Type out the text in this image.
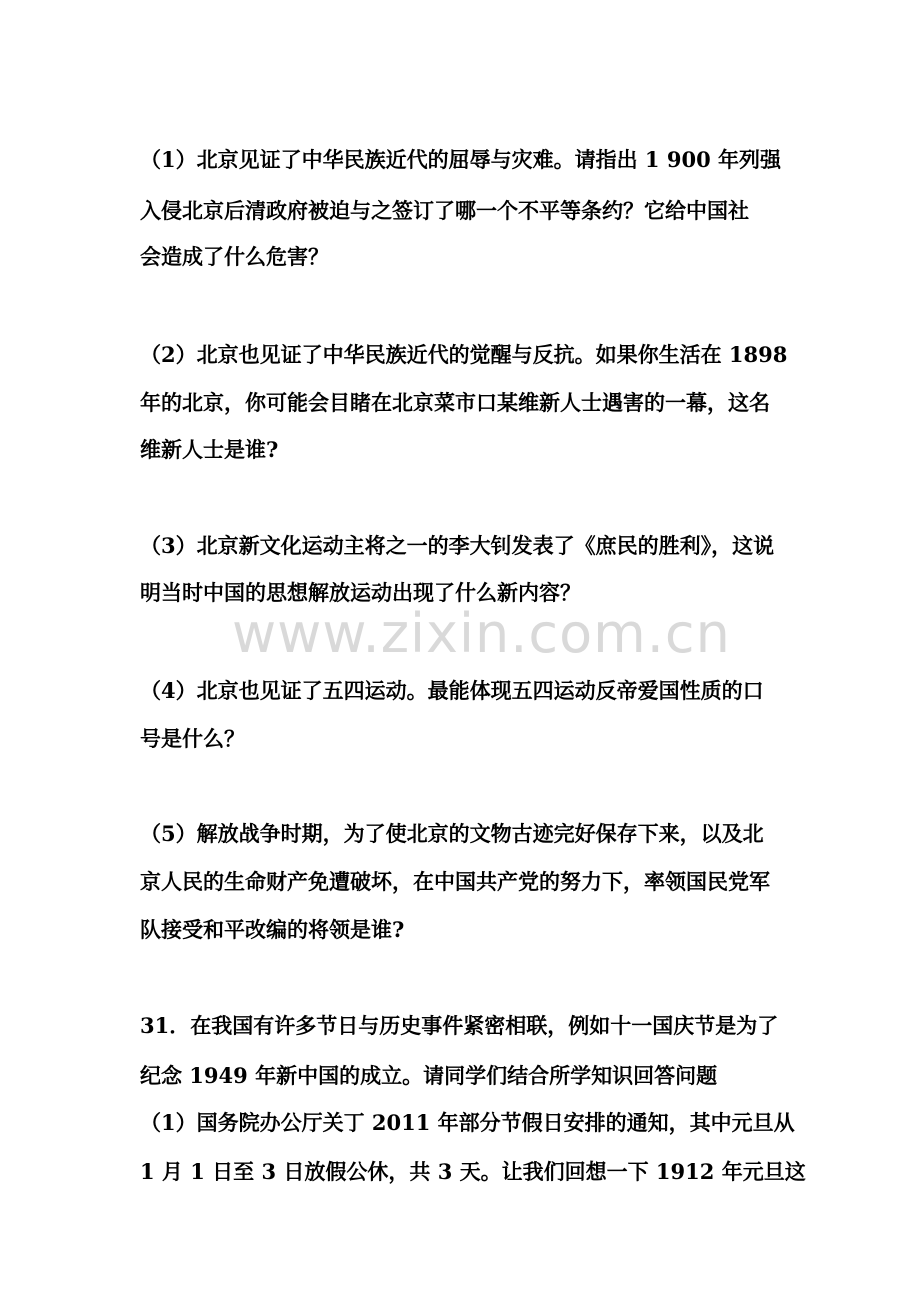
（1）北京见证了中华民族近代的屈辱与灾难。请指出 1 900 年列强
入侵北京后清政府被迫与之签订了哪一个不平等条约？它给中国社
会造成了什么危害？
（2）北京也见证了中华民族近代的觉醒与反抗。如果你生活在 1898
年的北京，你可能会目睹在北京菜市口某维新人士遇害的一幕，这名
维新人士是谁?
（3）北京新文化运动主将之一的李大钊发表了《庶民的胜利》，这说
明当时中国的思想解放运动出现了什么新内容？
（4）北京也见证了五四运动。最能体现五四运动反帝爱国性质的口
号是什么？
（5）解放战争时期，为了使北京的文物古迹完好保存下来，以及北
京人民的生命财产免遭破坏，在中国共产党的努力下，率领国民党军
队接受和平改编的将领是谁?
31．在我国有许多节日与历史事件紧密相联，例如十一国庆节是为了
纪念 1949 年新中国的成立。请同学们结合所学知识回答问题
（1）国务院办公厅关丁 2011 年部分节假日安排的通知，其中元旦从
1 月 1 日至 3 日放假公休，共 3 天。让我们回想一下 1912 年元旦这
www.zixin.com.cn
